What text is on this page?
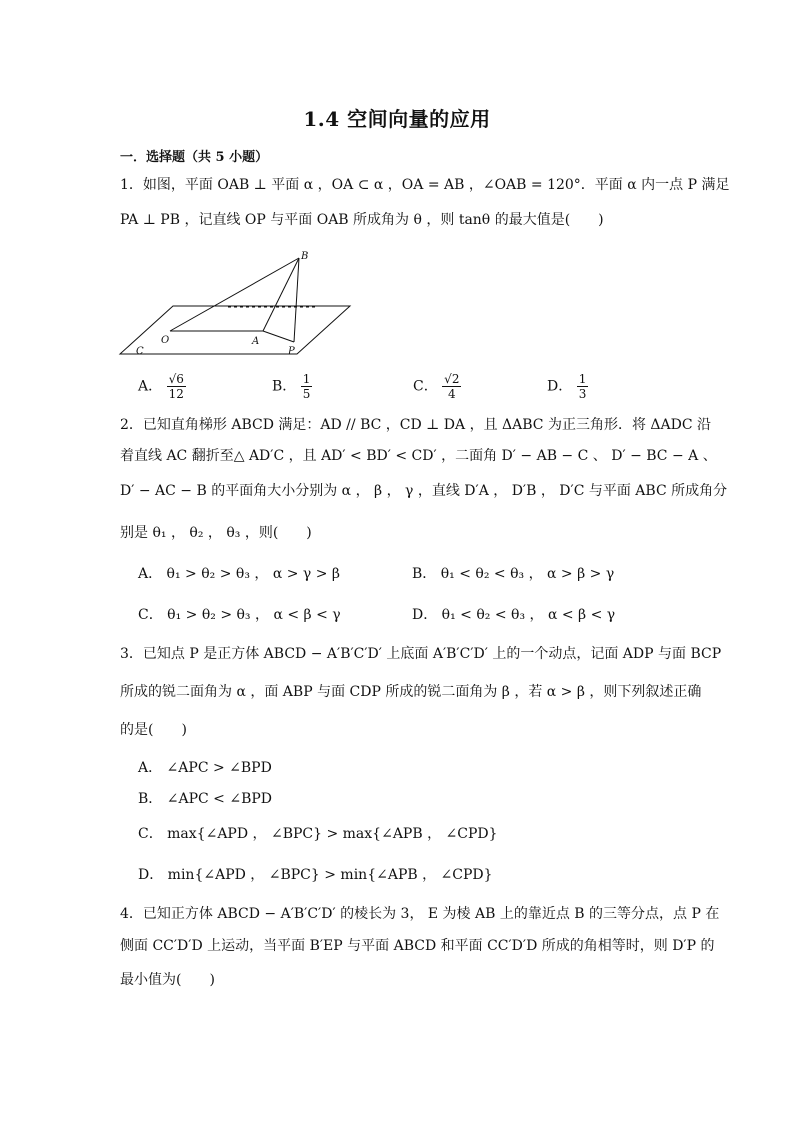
1.4 空间向量的应用
一．选择题（共 5 小题）
1．如图，平面 OAB ⊥ 平面 α ，OA ⊂ α ，OA = AB ，∠OAB = 120°．平面 α 内一点 P 满足
PA ⊥ PB ，记直线 OP 与平面 OAB 所成角为 θ ，则 tanθ 的最大值是(　　)
B
O	A
C	P
A． $\frac{√6}{12}$	B． $\frac{1}{5}$	C． $\frac{√2}{4}$	D． $\frac{1}{3}$
2．已知直角梯形 ABCD 满足：AD // BC ，CD ⊥ DA ，且 ΔABC 为正三角形．将 ΔADC 沿
着直线 AC 翻折至△ AD′C ，且 AD′ < BD′ < CD′ ，二面角 D′ − AB − C 、 D′ − BC − A 、
D′ − AC − B 的平面角大小分别为 α ， β ， γ ，直线 D′A ， D′B ， D′C 与平面 ABC 所成角分
别是 θ₁ ， θ₂ ， θ₃ ，则(　　)
A． θ₁ > θ₂ > θ₃ ， α > γ > β	B． θ₁ < θ₂ < θ₃ ， α > β > γ
C． θ₁ > θ₂ > θ₃ ， α < β < γ	D． θ₁ < θ₂ < θ₃ ， α < β < γ
3．已知点 P 是正方体 ABCD − A′B′C′D′ 上底面 A′B′C′D′ 上的一个动点，记面 ADP 与面 BCP
所成的锐二面角为 α ，面 ABP 与面 CDP 所成的锐二面角为 β ，若 α > β ，则下列叙述正确
的是(　　)
A． ∠APC > ∠BPD
B． ∠APC < ∠BPD
C． max{∠APD ， ∠BPC} > max{∠APB ， ∠CPD}
D． min{∠APD ， ∠BPC} > min{∠APB ， ∠CPD}
4．已知正方体 ABCD − A′B′C′D′ 的棱长为 3， E 为棱 AB 上的靠近点 B 的三等分点，点 P 在
侧面 CC′D′D 上运动，当平面 B′EP 与平面 ABCD 和平面 CC′D′D 所成的角相等时，则 D′P 的
最小值为(　　)
